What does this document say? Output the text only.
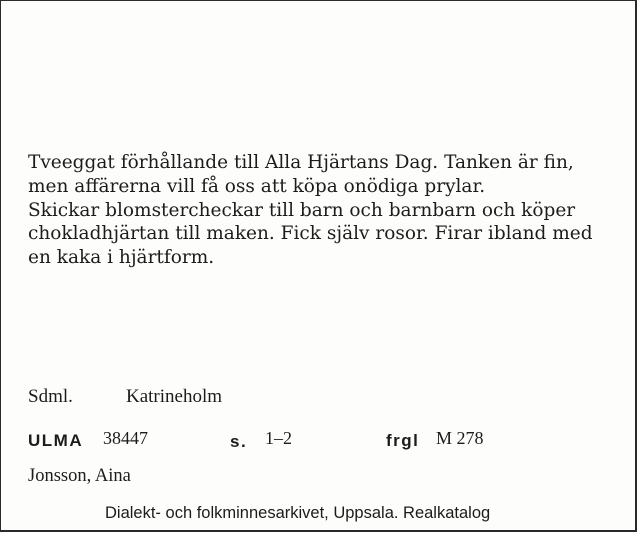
Tveeggat förhållande till Alla Hjärtans Dag. Tanken är fin,
men affärerna vill få oss att köpa onödiga prylar.
Skickar blomstercheckar till barn och barnbarn och köper
chokladhjärtan till maken. Fick själv rosor. Firar ibland med
en kaka i hjärtform.
Sdml.	Katrineholm
ULMA 38447	s. 1–2	frgl M 278
Jonsson, Aina
Dialekt- och folkminnesarkivet, Uppsala. Realkatalog
